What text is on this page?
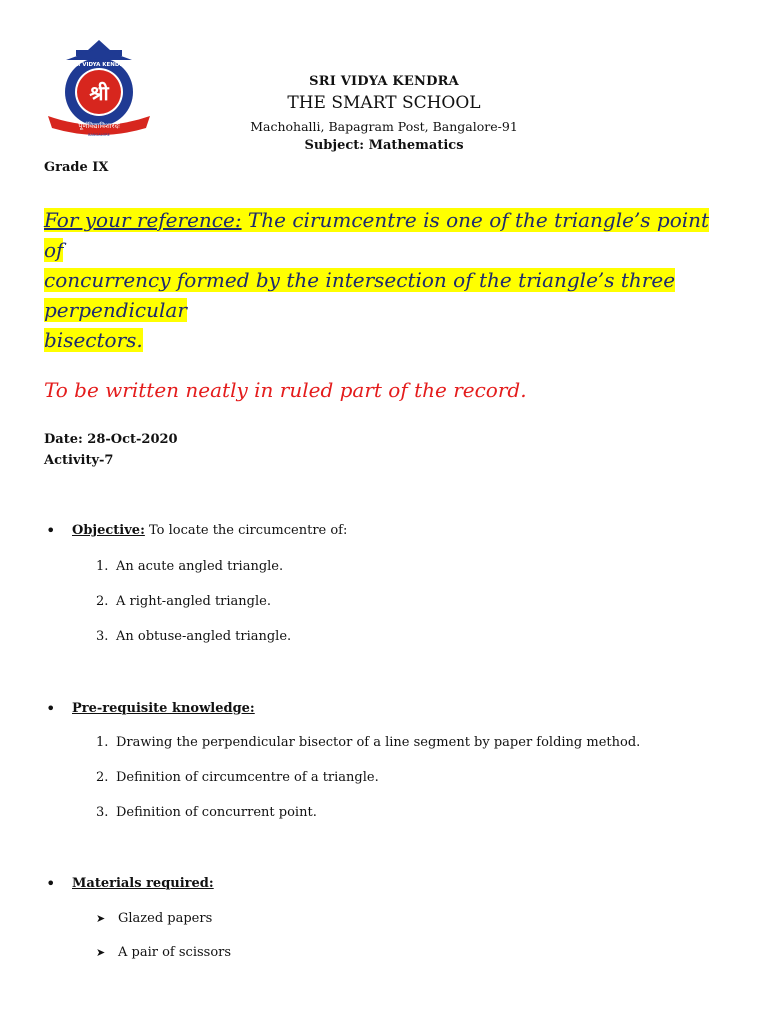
श्री
SRI VIDYA KENDRA
पूर्णविद्याविशारदः
BANGALORE
SRI VIDYA KENDRA
THE SMART SCHOOL
Machohalli, Bapagram Post, Bangalore-91
Subject: Mathematics
Grade IX
For your reference: The cirumcentre is one of the triangle’s point of
concurrency formed by the intersection of the triangle’s three perpendicular
bisectors.
To be written neatly in ruled part of the record.
Date: 28-Oct-2020
Activity-7
• Objective: To locate the circumcentre of:
1. An acute angled triangle.
2. A right-angled triangle.
3. An obtuse-angled triangle.
• Pre-requisite knowledge:
1. Drawing the perpendicular bisector of a line segment by paper folding method.
2. Definition of circumcentre of a triangle.
3. Definition of concurrent point.
• Materials required:
➤ Glazed papers
➤ A pair of scissors
